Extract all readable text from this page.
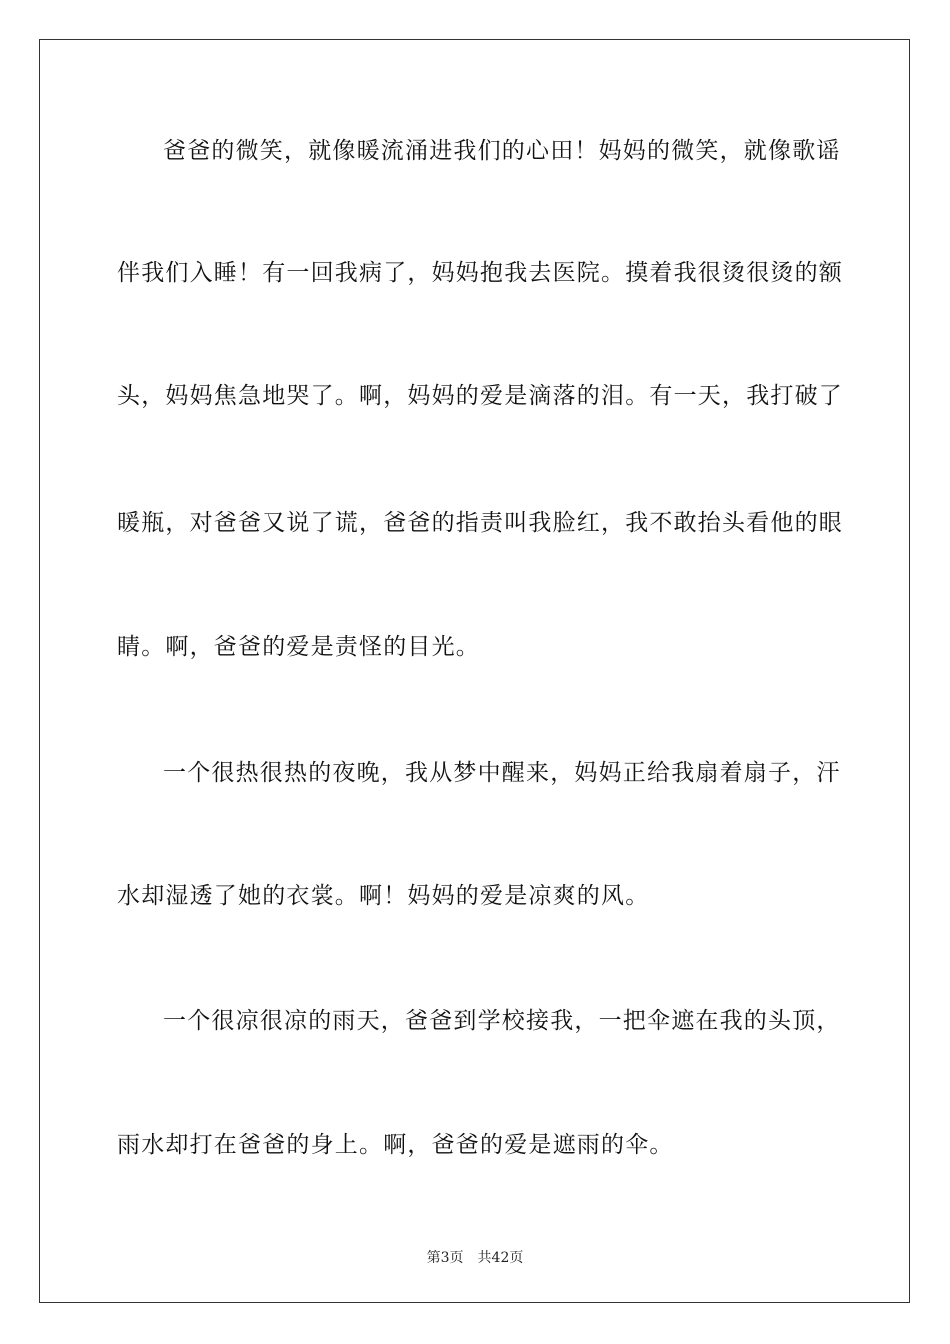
爸爸的微笑，就像暖流涌进我们的心田！妈妈的微笑，就像歌谣
伴我们入睡！有一回我病了，妈妈抱我去医院。摸着我很烫很烫的额
头，妈妈焦急地哭了。啊，妈妈的爱是滴落的泪。有一天，我打破了
暖瓶，对爸爸又说了谎，爸爸的指责叫我脸红，我不敢抬头看他的眼
睛。啊，爸爸的爱是责怪的目光。
一个很热很热的夜晚，我从梦中醒来，妈妈正给我扇着扇子，汗
水却湿透了她的衣裳。啊！妈妈的爱是凉爽的风。
一个很凉很凉的雨天，爸爸到学校接我，一把伞遮在我的头顶，
雨水却打在爸爸的身上。啊，爸爸的爱是遮雨的伞。
第3页 共42页
